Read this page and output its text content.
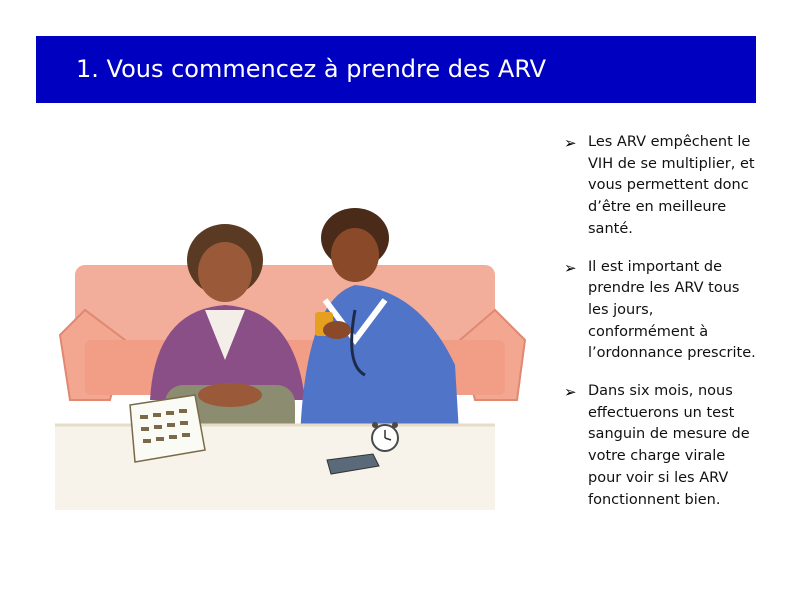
1. Vous commencez à prendre des ARV
➢ Les ARV empêchent le VIH de se multiplier, et vous permettent donc d’être en meilleure santé.
➢ Il est important de prendre les ARV tous les jours, conformément à l’ordonnance prescrite.
➢ Dans six mois, nous effectuerons un test sanguin de mesure de votre charge virale pour voir si les ARV fonctionnent bien.
